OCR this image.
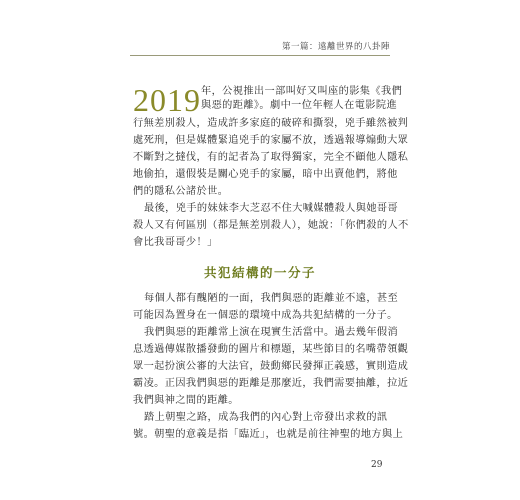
第一篇：遠離世界的八卦陣
2019 年，公視推出一部叫好又叫座的影集《我們
與惡的距離》。劇中一位年輕人在電影院進
行無差別殺人，造成許多家庭的破碎和撕裂，兇手雖然被判
處死刑，但是媒體緊追兇手的家屬不放，透過報導煽動大眾
不斷對之撻伐，有的記者為了取得獨家，完全不顧他人隱私
地偷拍，還假裝是關心兇手的家屬，暗中出賣他們，將他
們的隱私公諸於世。
最後，兇手的妹妹李大芝忍不住大喊媒體殺人與她哥哥
殺人又有何區別（都是無差別殺人），她說：「你們殺的人不
會比我哥哥少！」
共犯結構的一分子
每個人都有醜陋的一面，我們與惡的距離並不遠，甚至
可能因為置身在一個惡的環境中成為共犯結構的一分子。
我們與惡的距離常上演在現實生活當中。過去幾年假消
息透過傳媒散播發動的圖片和標題，某些節目的名嘴帶領觀
眾一起扮演公審的大法官，鼓動鄉民發揮正義感，實則造成
霸凌。正因我們與惡的距離是那麼近，我們需要抽離，拉近
我們與神之間的距離。
踏上朝聖之路，成為我們的內心對上帝發出求救的訊
號。朝聖的意義是指「臨近」，也就是前往神聖的地方與上
29
